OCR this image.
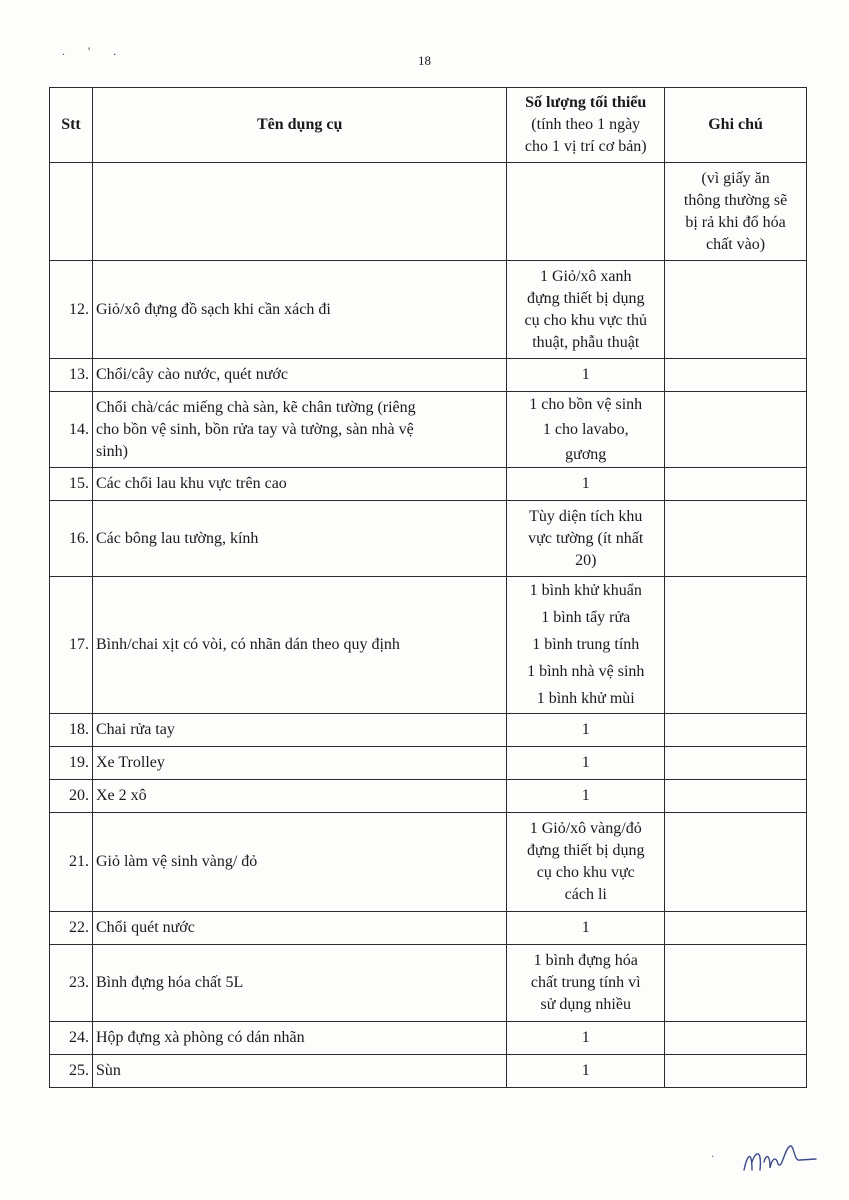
. ' .
18
Stt	Tên dụng cụ	Số lượng tối thiểu
(tính theo 1 ngày
cho 1 vị trí cơ bản)	Ghi chú

			(vì giấy ăn
thông thường sẽ
bị rả khi đổ hóa
chất vào)

12.	Giỏ/xô đựng đồ sạch khi cần xách đi	1 Giỏ/xô xanh
đựng thiết bị dụng
cụ cho khu vực thủ
thuật, phẫu thuật	

13.	Chổi/cây cào nước, quét nước	1	

14.	Chổi chà/các miếng chà sàn, kẽ chân tường (riêng
cho bồn vệ sinh, bồn rửa tay và tường, sàn nhà vệ
sinh)	1 cho bồn vệ sinh
1 cho lavabo,
gương	

15.	Các chổi lau khu vực trên cao	1	

16.	Các bông lau tường, kính	Tùy diện tích khu
vực tường (ít nhất
20)	

17.	Bình/chai xịt có vòi, có nhãn dán theo quy định	1 bình khử khuẩn
1 bình tẩy rửa
1 bình trung tính
1 bình nhà vệ sinh
1 bình khử mùi	

18.	Chai rửa tay	1	

19.	Xe Trolley	1	

20.	Xe 2 xô	1	

21.	Giỏ làm vệ sinh vàng/ đỏ	1 Giỏ/xô vàng/đỏ
đựng thiết bị dụng
cụ cho khu vực
cách li	

22.	Chổi quét nước	1	

23.	Bình đựng hóa chất 5L	1 bình đựng hóa
chất trung tính vì
sử dụng nhiều	

24.	Hộp đựng xà phòng có dán nhãn	1	

25.	Sùn	1	

·
